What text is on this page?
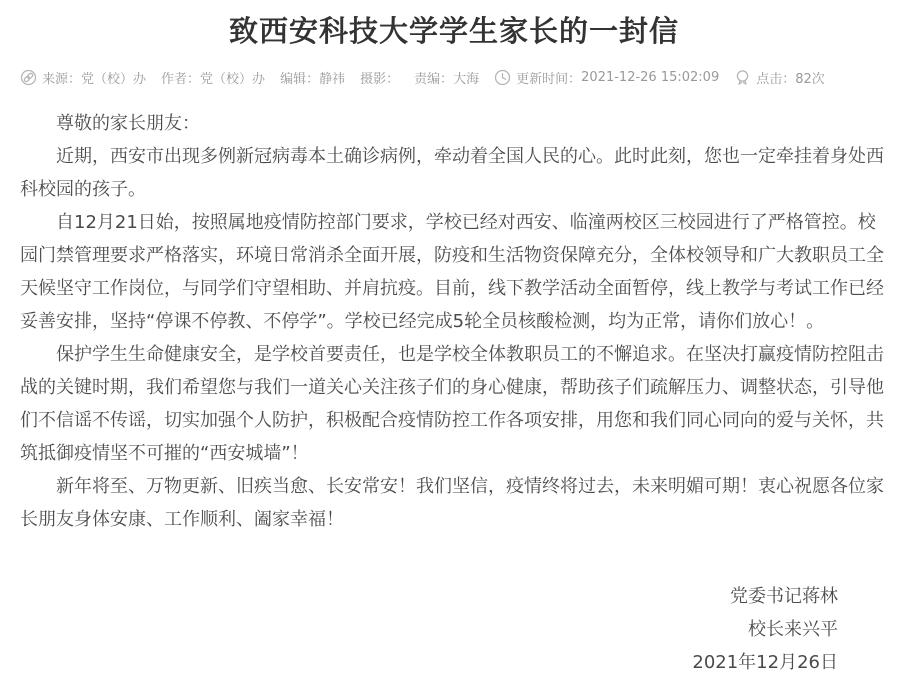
致西安科技大学学生家长的一封信
来源： 党（校）办 作者： 党（校）办 编辑： 静祎 摄影： 责编： 大海	更新时间： 2021-12-26 15:02:09	点击： 82次

尊敬的家长朋友：

近期，西安市出现多例新冠病毒本土确诊病例，牵动着全国人民的心。此时此刻，您也一定牵挂着身处西科校园的孩子。

自12月21日始，按照属地疫情防控部门要求，学校已经对西安、临潼两校区三校园进行了严格管控。校园门禁管理要求严格落实，环境日常消杀全面开展，防疫和生活物资保障充分，全体校领导和广大教职员工全天候坚守工作岗位，与同学们守望相助、并肩抗疫。目前，线下教学活动全面暂停，线上教学与考试工作已经妥善安排，坚持“停课不停教、不停学”。学校已经完成5轮全员核酸检测，均为正常，请你们放心！。

保护学生生命健康安全，是学校首要责任，也是学校全体教职员工的不懈追求。在坚决打赢疫情防控阻击战的关键时期，我们希望您与我们一道关心关注孩子们的身心健康，帮助孩子们疏解压力、调整状态，引导他们不信谣不传谣，切实加强个人防护，积极配合疫情防控工作各项安排，用您和我们同心同向的爱与关怀，共筑抵御疫情坚不可摧的“西安城墙”！

新年将至、万物更新、旧疾当愈、长安常安！我们坚信，疫情终将过去，未来明媚可期！衷心祝愿各位家长朋友身体安康、工作顺利、阖家幸福！

党委书记蒋林

校长来兴平

2021年12月26日
